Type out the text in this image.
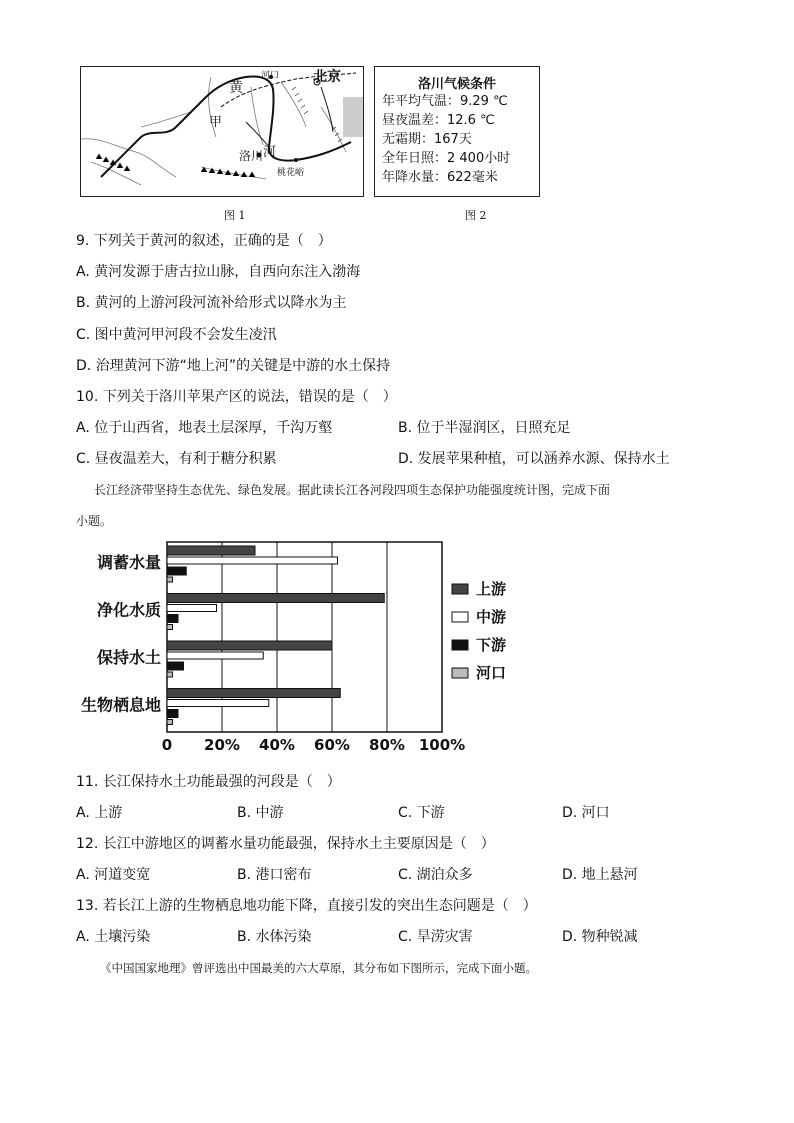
北京
河口
黄
甲
洛川 河
桃花峪
洛川气候条件
年平均气温：9.29 ℃
昼夜温差：12.6 ℃
无霜期：167天
全年日照：2 400小时
年降水量：622毫米
图 1	图 2
9. 下列关于黄河的叙述，正确的是（　）
A. 黄河发源于唐古拉山脉，自西向东注入渤海
B. 黄河的上游河段河流补给形式以降水为主
C. 图中黄河甲河段不会发生凌汛
D. 治理黄河下游“地上河”的关键是中游的水土保持
10. 下列关于洛川苹果产区的说法，错误的是（　）
A. 位于山西省，地表土层深厚，千沟万壑	B. 位于半湿润区，日照充足
C. 昼夜温差大，有利于糖分积累	D. 发展苹果种植，可以涵养水源、保持水土
长江经济带坚持生态优先、绿色发展。据此读长江各河段四项生态保护功能强度统计图，完成下面
小题。
0 20% 40% 60% 80% 100%
调蓄水量
净化水质
保持水土
生物栖息地
上游
中游
下游
河口
11. 长江保持水土功能最强的河段是（　）
A. 上游	B. 中游	C. 下游	D. 河口
12. 长江中游地区的调蓄水量功能最强，保持水土主要原因是（　）
A. 河道变宽	B. 港口密布	C. 湖泊众多	D. 地上悬河
13. 若长江上游的生物栖息地功能下降，直接引发的突出生态问题是（　）
A. 土壤污染	B. 水体污染	C. 旱涝灾害	D. 物种锐减
《中国国家地理》曾评选出中国最美的六大草原，其分布如下图所示，完成下面小题。
